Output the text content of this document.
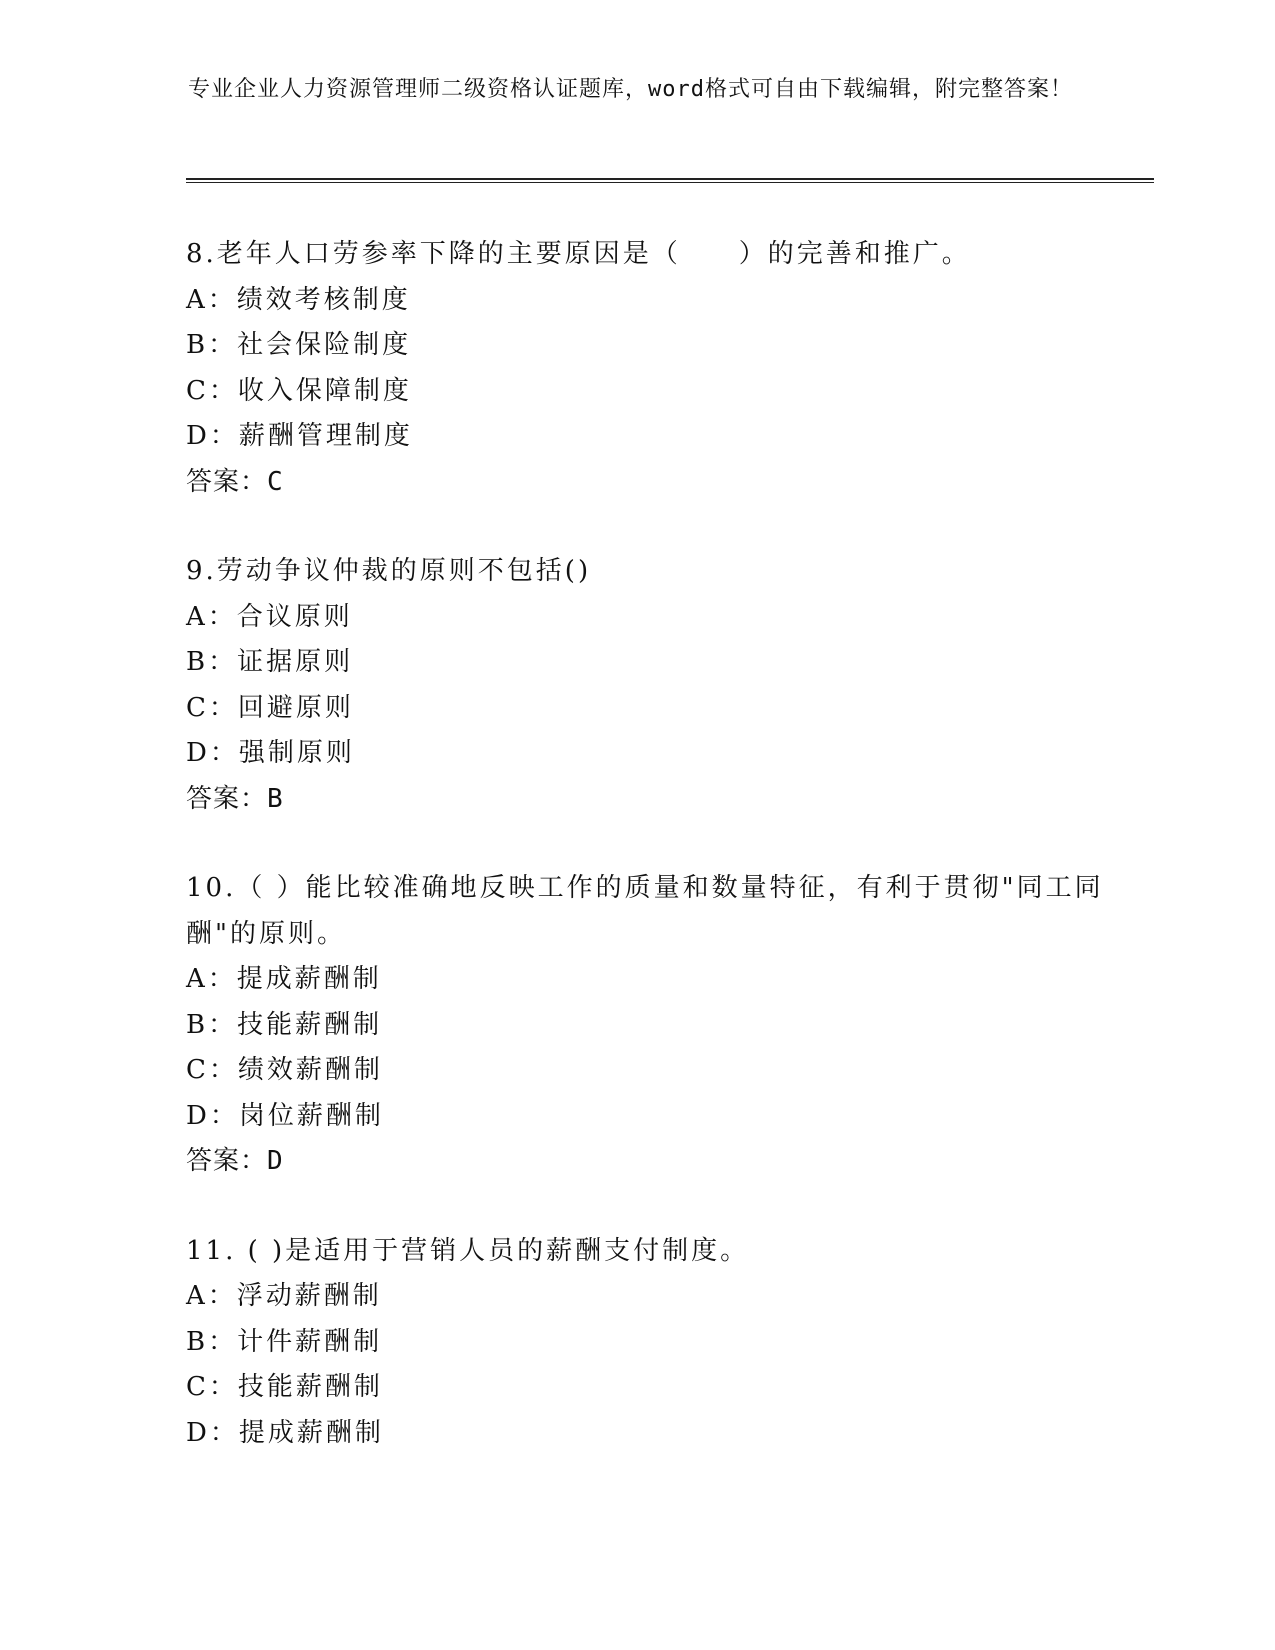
专业企业人力资源管理师二级资格认证题库，word格式可自由下载编辑，附完整答案！
8.老年人口劳参率下降的主要原因是（　　）的完善和推广。
A：绩效考核制度
B：社会保险制度
C：收入保障制度
D：薪酬管理制度
答案：C
9.劳动争议仲裁的原则不包括()
A：合议原则
B：证据原则
C：回避原则
D：强制原则
答案：B
10.（ ）能比较准确地反映工作的质量和数量特征，有利于贯彻"同工同酬"的原则。
A：提成薪酬制
B：技能薪酬制
C：绩效薪酬制
D：岗位薪酬制
答案：D
11. ( )是适用于营销人员的薪酬支付制度。
A：浮动薪酬制
B：计件薪酬制
C：技能薪酬制
D：提成薪酬制
